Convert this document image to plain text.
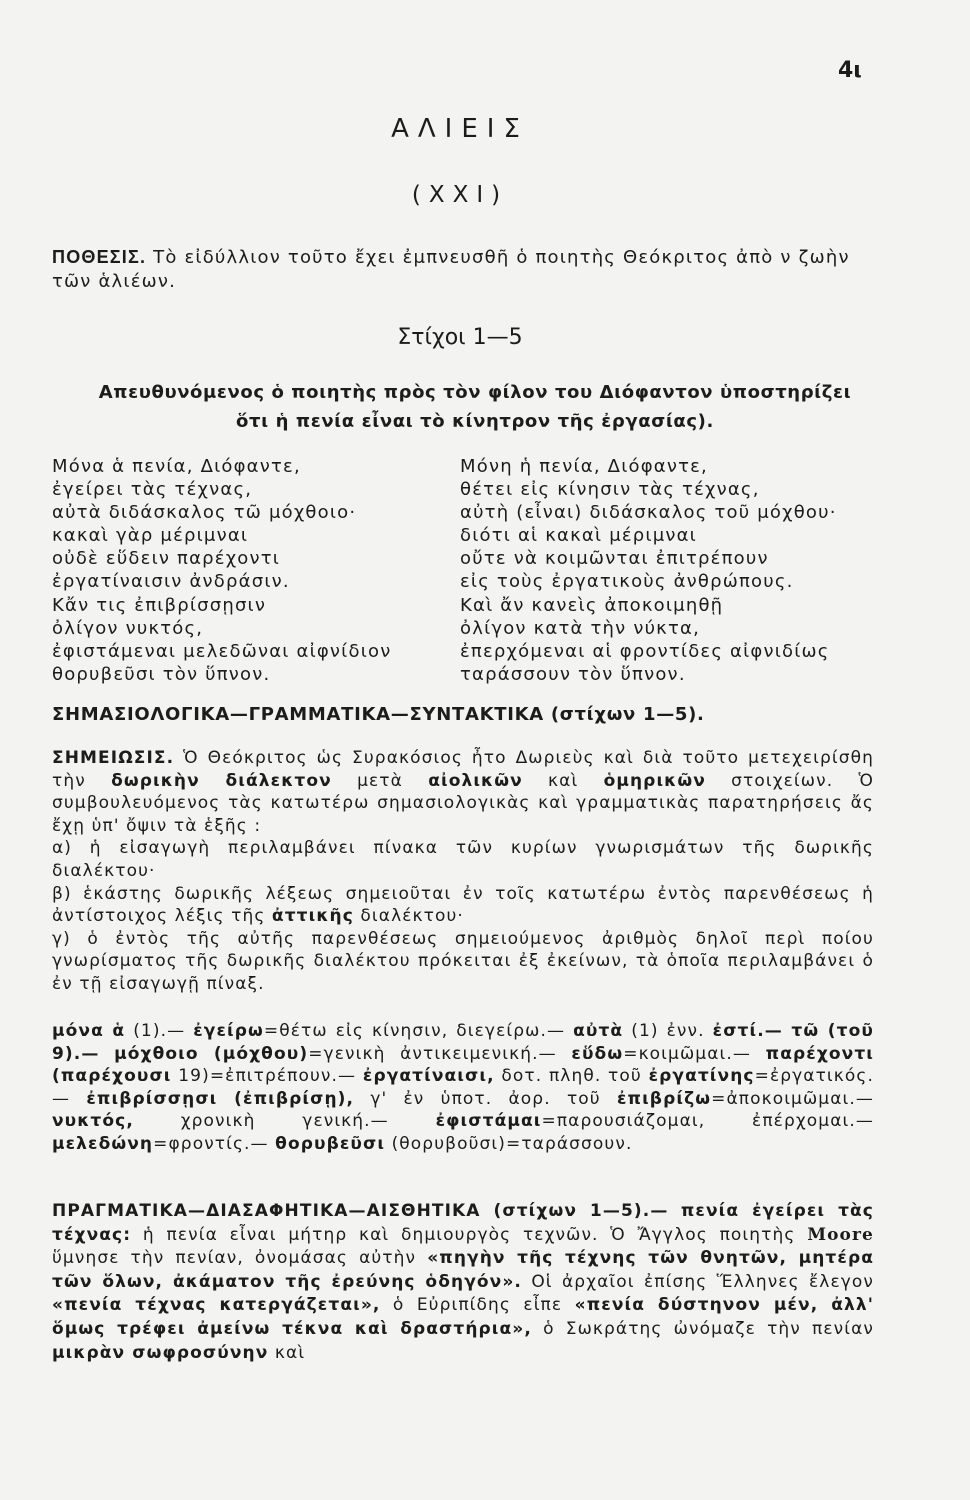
4ι
ΑΛΙΕΙΣ
(XXI)
ΠΟΘΕΣΙΣ. Τὸ εἰδύλλιον τοῦτο ἔχει ἐμπνευσθῆ ὁ ποιητὴς Θεόκριτος ἀπὸ ν ζωὴν τῶν ἁλιέων.
Στίχοι 1—5
Απευθυνόμενος ὁ ποιητὴς πρὸς τὸν φίλον του Διόφαντον ὑποστηρίζει
ὅτι ἡ πενία εἶναι τὸ κίνητρον τῆς ἐργασίας).
Μόνα ἁ πενία, Διόφαντε,
ἐγείρει τὰς τέχνας,
αὐτὰ διδάσκαλος τῶ μόχθοιο·
κακαὶ γὰρ μέριμναι
οὐδὲ εὕδειν παρέχοντι
ἐργατίναισιν ἀνδράσιν.
Κἄν τις ἐπιβρίσσῃσιν
ὀλίγον νυκτός,
ἐφιστάμεναι μελεδῶναι αἰφνίδιον
θορυβεῦσι τὸν ὕπνον.
Μόνη ἡ πενία, Διόφαντε,
θέτει εἰς κίνησιν τὰς τέχνας,
αὐτὴ (εἶναι) διδάσκαλος τοῦ μόχθου·
διότι αἱ κακαὶ μέριμναι
οὔτε νὰ κοιμῶνται ἐπιτρέπουν
εἰς τοὺς ἐργατικοὺς ἀνθρώπους.
Καὶ ἄν κανεὶς ἀποκοιμηθῇ
ὀλίγον κατὰ τὴν νύκτα,
ἐπερχόμεναι αἱ φροντίδες αἰφνιδίως
ταράσσουν τὸν ὕπνον.
ΣΗΜΑΣΙΟΛΟΓΙΚΑ—ΓΡΑΜΜΑΤΙΚΑ—ΣΥΝΤΑΚΤΙΚΑ (στίχων 1—5).

ΣΗΜΕΙΩΣΙΣ. Ὁ Θεόκριτος ὡς Συρακόσιος ἦτο Δωριεὺς καὶ διὰ τοῦτο μετεχειρίσθη τὴν δωρικὴν διάλεκτον μετὰ αἰολικῶν καὶ ὁμηρικῶν στοιχείων. Ὁ συμβουλευόμενος τὰς κατωτέρω σημασιολογικὰς καὶ γραμματικὰς παρατηρήσεις ἄς ἔχῃ ὑπ' ὄψιν τὰ ἑξῆς :

α) ἡ εἰσαγωγὴ περιλαμβάνει πίνακα τῶν κυρίων γνωρισμάτων τῆς δωρικῆς διαλέκτου·

β) ἑκάστης δωρικῆς λέξεως σημειοῦται ἐν τοῖς κατωτέρω ἐντὸς παρενθέσεως ἡ ἀντίστοιχος λέξις τῆς ἀττικῆς διαλέκτου·

γ) ὁ ἐντὸς τῆς αὐτῆς παρενθέσεως σημειούμενος ἀριθμὸς δηλοῖ περὶ ποίου γνωρίσματος τῆς δωρικῆς διαλέκτου πρόκειται ἐξ ἐκείνων, τὰ ὁποῖα περιλαμβάνει ὁ ἐν τῇ εἰσαγωγῇ πίναξ.

μόνα ἁ (1).— ἐγείρω=θέτω εἰς κίνησιν, διεγείρω.— αὐτὰ (1) ἐνν. ἐστί.— τῶ (τοῦ 9).— μόχθοιο (μόχθου)=γενικὴ ἀντικειμενική.— εὕδω=κοιμῶμαι.— παρέχοντι (παρέχουσι 19)=ἐπιτρέπουν.— ἐργατίναισι, δοτ. πληθ. τοῦ ἐργατίνης=ἐργατικός.— ἐπιβρίσσῃσι (ἐπιβρίσῃ), γ' ἐν ὑποτ. ἀορ. τοῦ ἐπιβρίζω=ἀποκοιμῶμαι.— νυκτός,	χρονικὴ γενική.—	ἐφιστάμαι=παρουσιάζομαι, ἐπέρχομαι.— μελεδώνη=φροντίς.— θορυβεῦσι (θορυβοῦσι)=ταράσσουν.
ΠΡΑΓΜΑΤΙΚΑ—ΔΙΑΣΑΦΗΤΙΚΑ—ΑΙΣΘΗΤΙΚΑ (στίχων 1—5).— πενία ἐγείρει τὰς τέχνας: ἡ πενία εἶναι μήτηρ καὶ δημιουργὸς τεχνῶν. Ὁ Ἄγγλος ποιητὴς Moore ὕμνησε τὴν πενίαν, ὀνομάσας αὐτὴν «πηγὴν τῆς τέχνης τῶν θνητῶν, μητέρα τῶν ὅλων, ἀκάματον τῆς ἐρεύνης ὁδηγόν». Οἱ ἀρχαῖοι ἐπίσης Ἕλληνες ἔλεγον «πενία τέχνας κατεργάζεται», ὁ Εὐριπίδης εἶπε «πενία δύστηνον μέν, ἀλλ' ὅμως τρέφει ἀμείνω τέκνα καὶ δραστήρια», ὁ Σωκράτης ὠνόμαζε τὴν πενίαν μικρὰν σωφροσύνην καὶ
